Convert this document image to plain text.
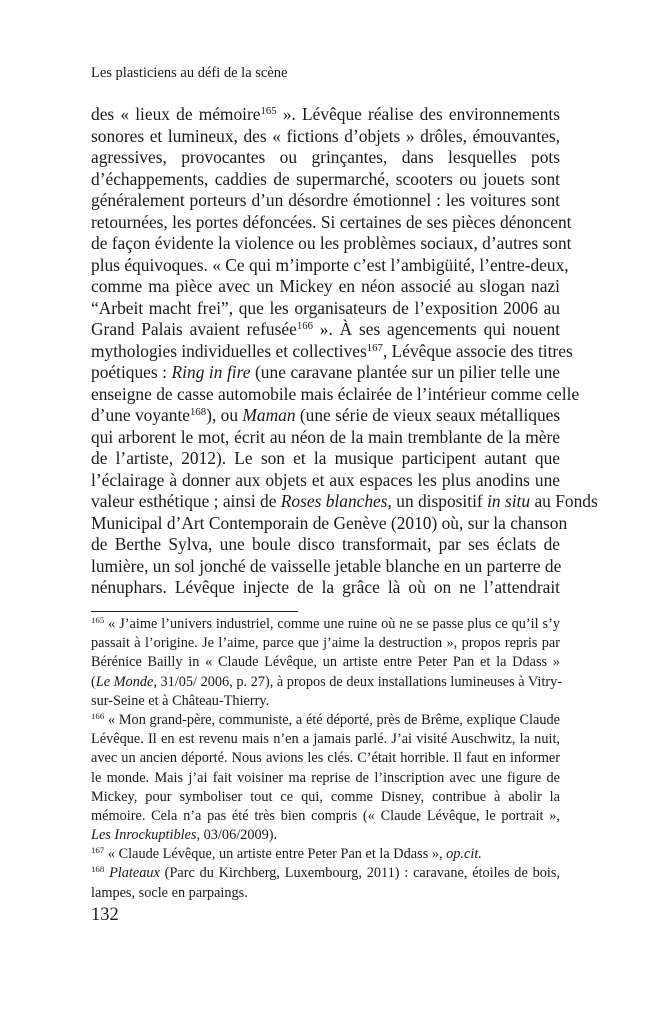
Les plasticiens au défi de la scène
des « lieux de mémoire$^{165}$ ». Lévêque réalise des environnements
sonores et lumineux, des « fictions d’objets » drôles, émouvantes,
agressives, provocantes ou grinçantes, dans lesquelles pots
d’échappements, caddies de supermarché, scooters ou jouets sont
généralement porteurs d’un désordre émotionnel : les voitures sont
retournées, les portes défoncées. Si certaines de ses pièces dénoncent
de façon évidente la violence ou les problèmes sociaux, d’autres sont
plus équivoques. « Ce qui m’importe c’est l’ambigüité, l’entre-deux,
comme ma pièce avec un Mickey en néon associé au slogan nazi
“Arbeit macht frei”, que les organisateurs de l’exposition 2006 au
Grand Palais avaient refusée$^{166}$ ». À ses agencements qui nouent
mythologies individuelles et collectives$^{167}$, Lévêque associe des titres
poétiques : Ring in fire (une caravane plantée sur un pilier telle une
enseigne de casse automobile mais éclairée de l’intérieur comme celle
d’une voyante$^{168}$), ou Maman (une série de vieux seaux métalliques
qui arborent le mot, écrit au néon de la main tremblante de la mère
de l’artiste, 2012). Le son et la musique participent autant que
l’éclairage à donner aux objets et aux espaces les plus anodins une
valeur esthétique ; ainsi de Roses blanches, un dispositif in situ au Fonds
Municipal d’Art Contemporain de Genève (2010) où, sur la chanson
de Berthe Sylva, une boule disco transformait, par ses éclats de
lumière, un sol jonché de vaisselle jetable blanche en un parterre de
nénuphars. Lévêque injecte de la grâce là où on ne l’attendrait
$^{165}$ « J’aime l’univers industriel, comme une ruine où ne se passe plus ce qu’il s’y
passait à l’origine. Je l’aime, parce que j’aime la destruction », propos repris par
Bérénice Bailly in « Claude Lévêque, un artiste entre Peter Pan et la Ddass »
(Le Monde, 31/05/ 2006, p. 27), à propos de deux installations lumineuses à Vitry-
sur-Seine et à Château-Thierry.
$^{166}$ « Mon grand-père, communiste, a été déporté, près de Brême, explique Claude
Lévêque. Il en est revenu mais n’en a jamais parlé. J’ai visité Auschwitz, la nuit,
avec un ancien déporté. Nous avions les clés. C’était horrible. Il faut en informer
le monde. Mais j’ai fait voisiner ma reprise de l’inscription avec une figure de
Mickey, pour symboliser tout ce qui, comme Disney, contribue à abolir la
mémoire. Cela n’a pas été très bien compris (« Claude Lévêque, le portrait »,
Les Inrockuptibles, 03/06/2009).
$^{167}$ « Claude Lévêque, un artiste entre Peter Pan et la Ddass », op.cit.
$^{168}$ Plateaux (Parc du Kirchberg, Luxembourg, 2011) : caravane, étoiles de bois,
lampes, socle en parpaings.
132
